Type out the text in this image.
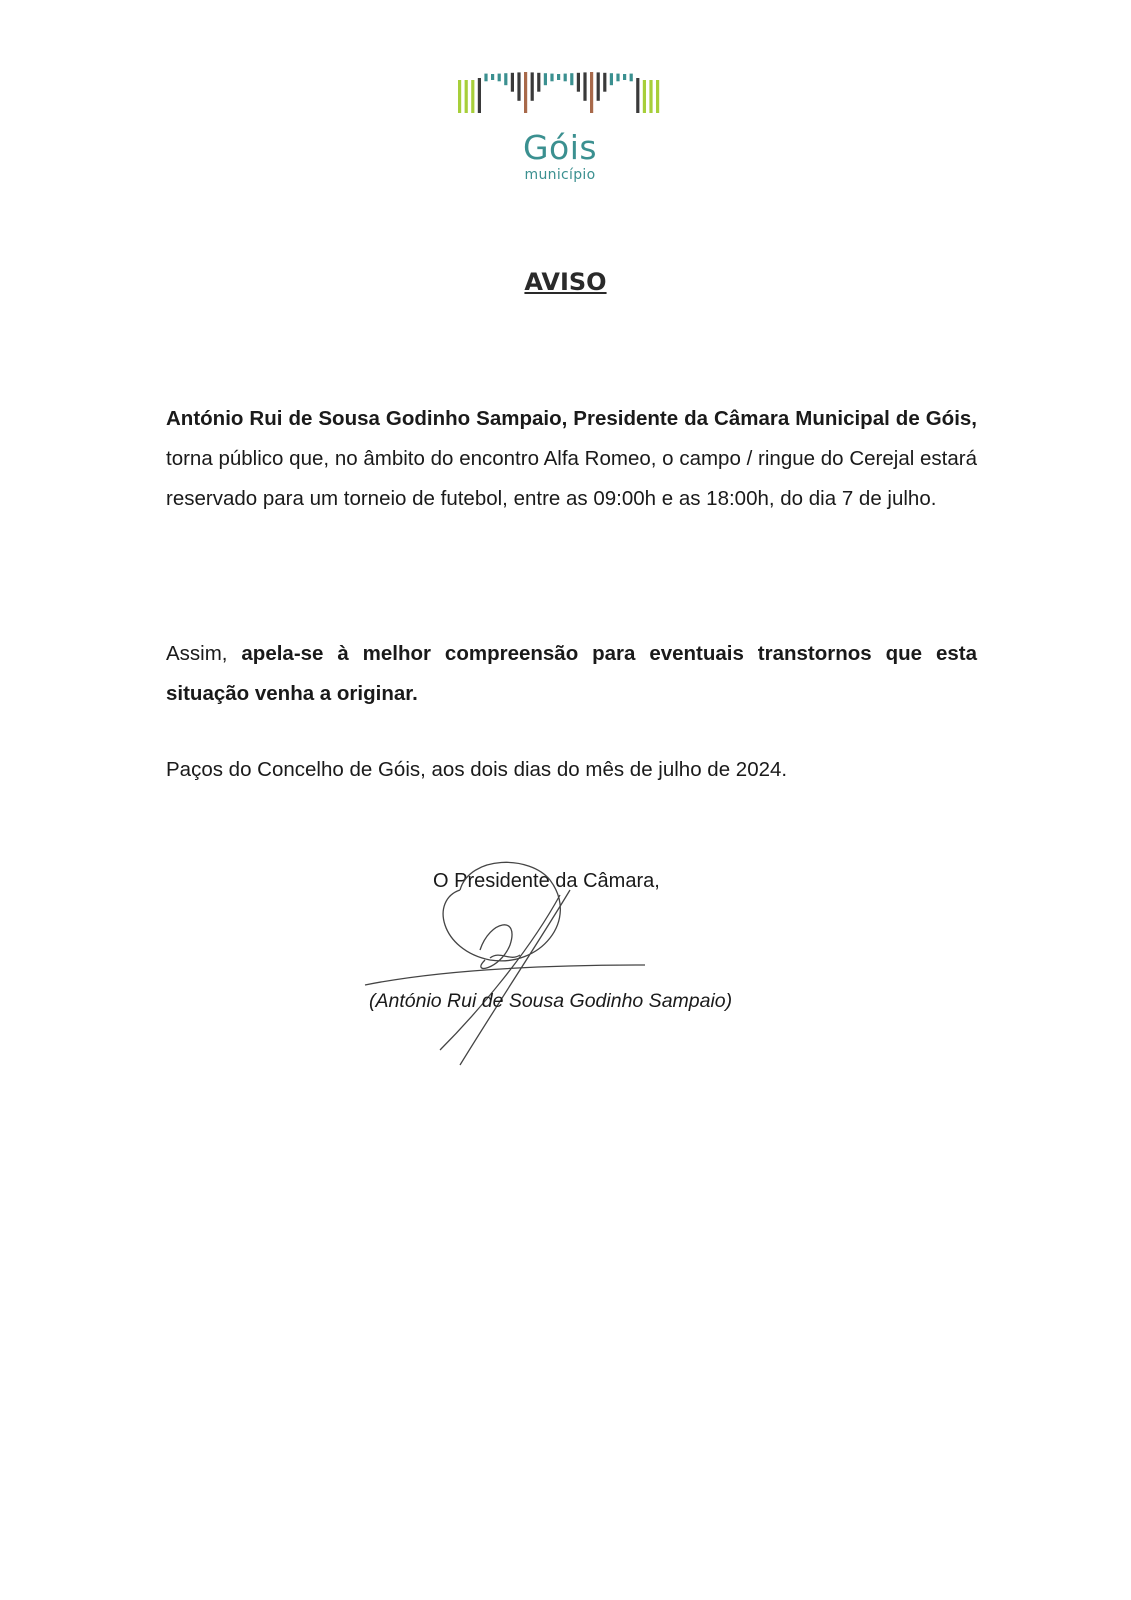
Góis
município
AVISO
António Rui de Sousa Godinho Sampaio, Presidente da Câmara Municipal de Góis, torna público que, no âmbito do encontro Alfa Romeo, o campo / ringue do Cerejal estará reservado para um torneio de futebol, entre as 09:00h e as 18:00h, do dia 7 de julho.
Assim, apela-se à melhor compreensão para eventuais transtornos que esta situação venha a originar.
Paços do Concelho de Góis, aos dois dias do mês de julho de 2024.
O Presidente da Câmara,
(António Rui de Sousa Godinho Sampaio)
